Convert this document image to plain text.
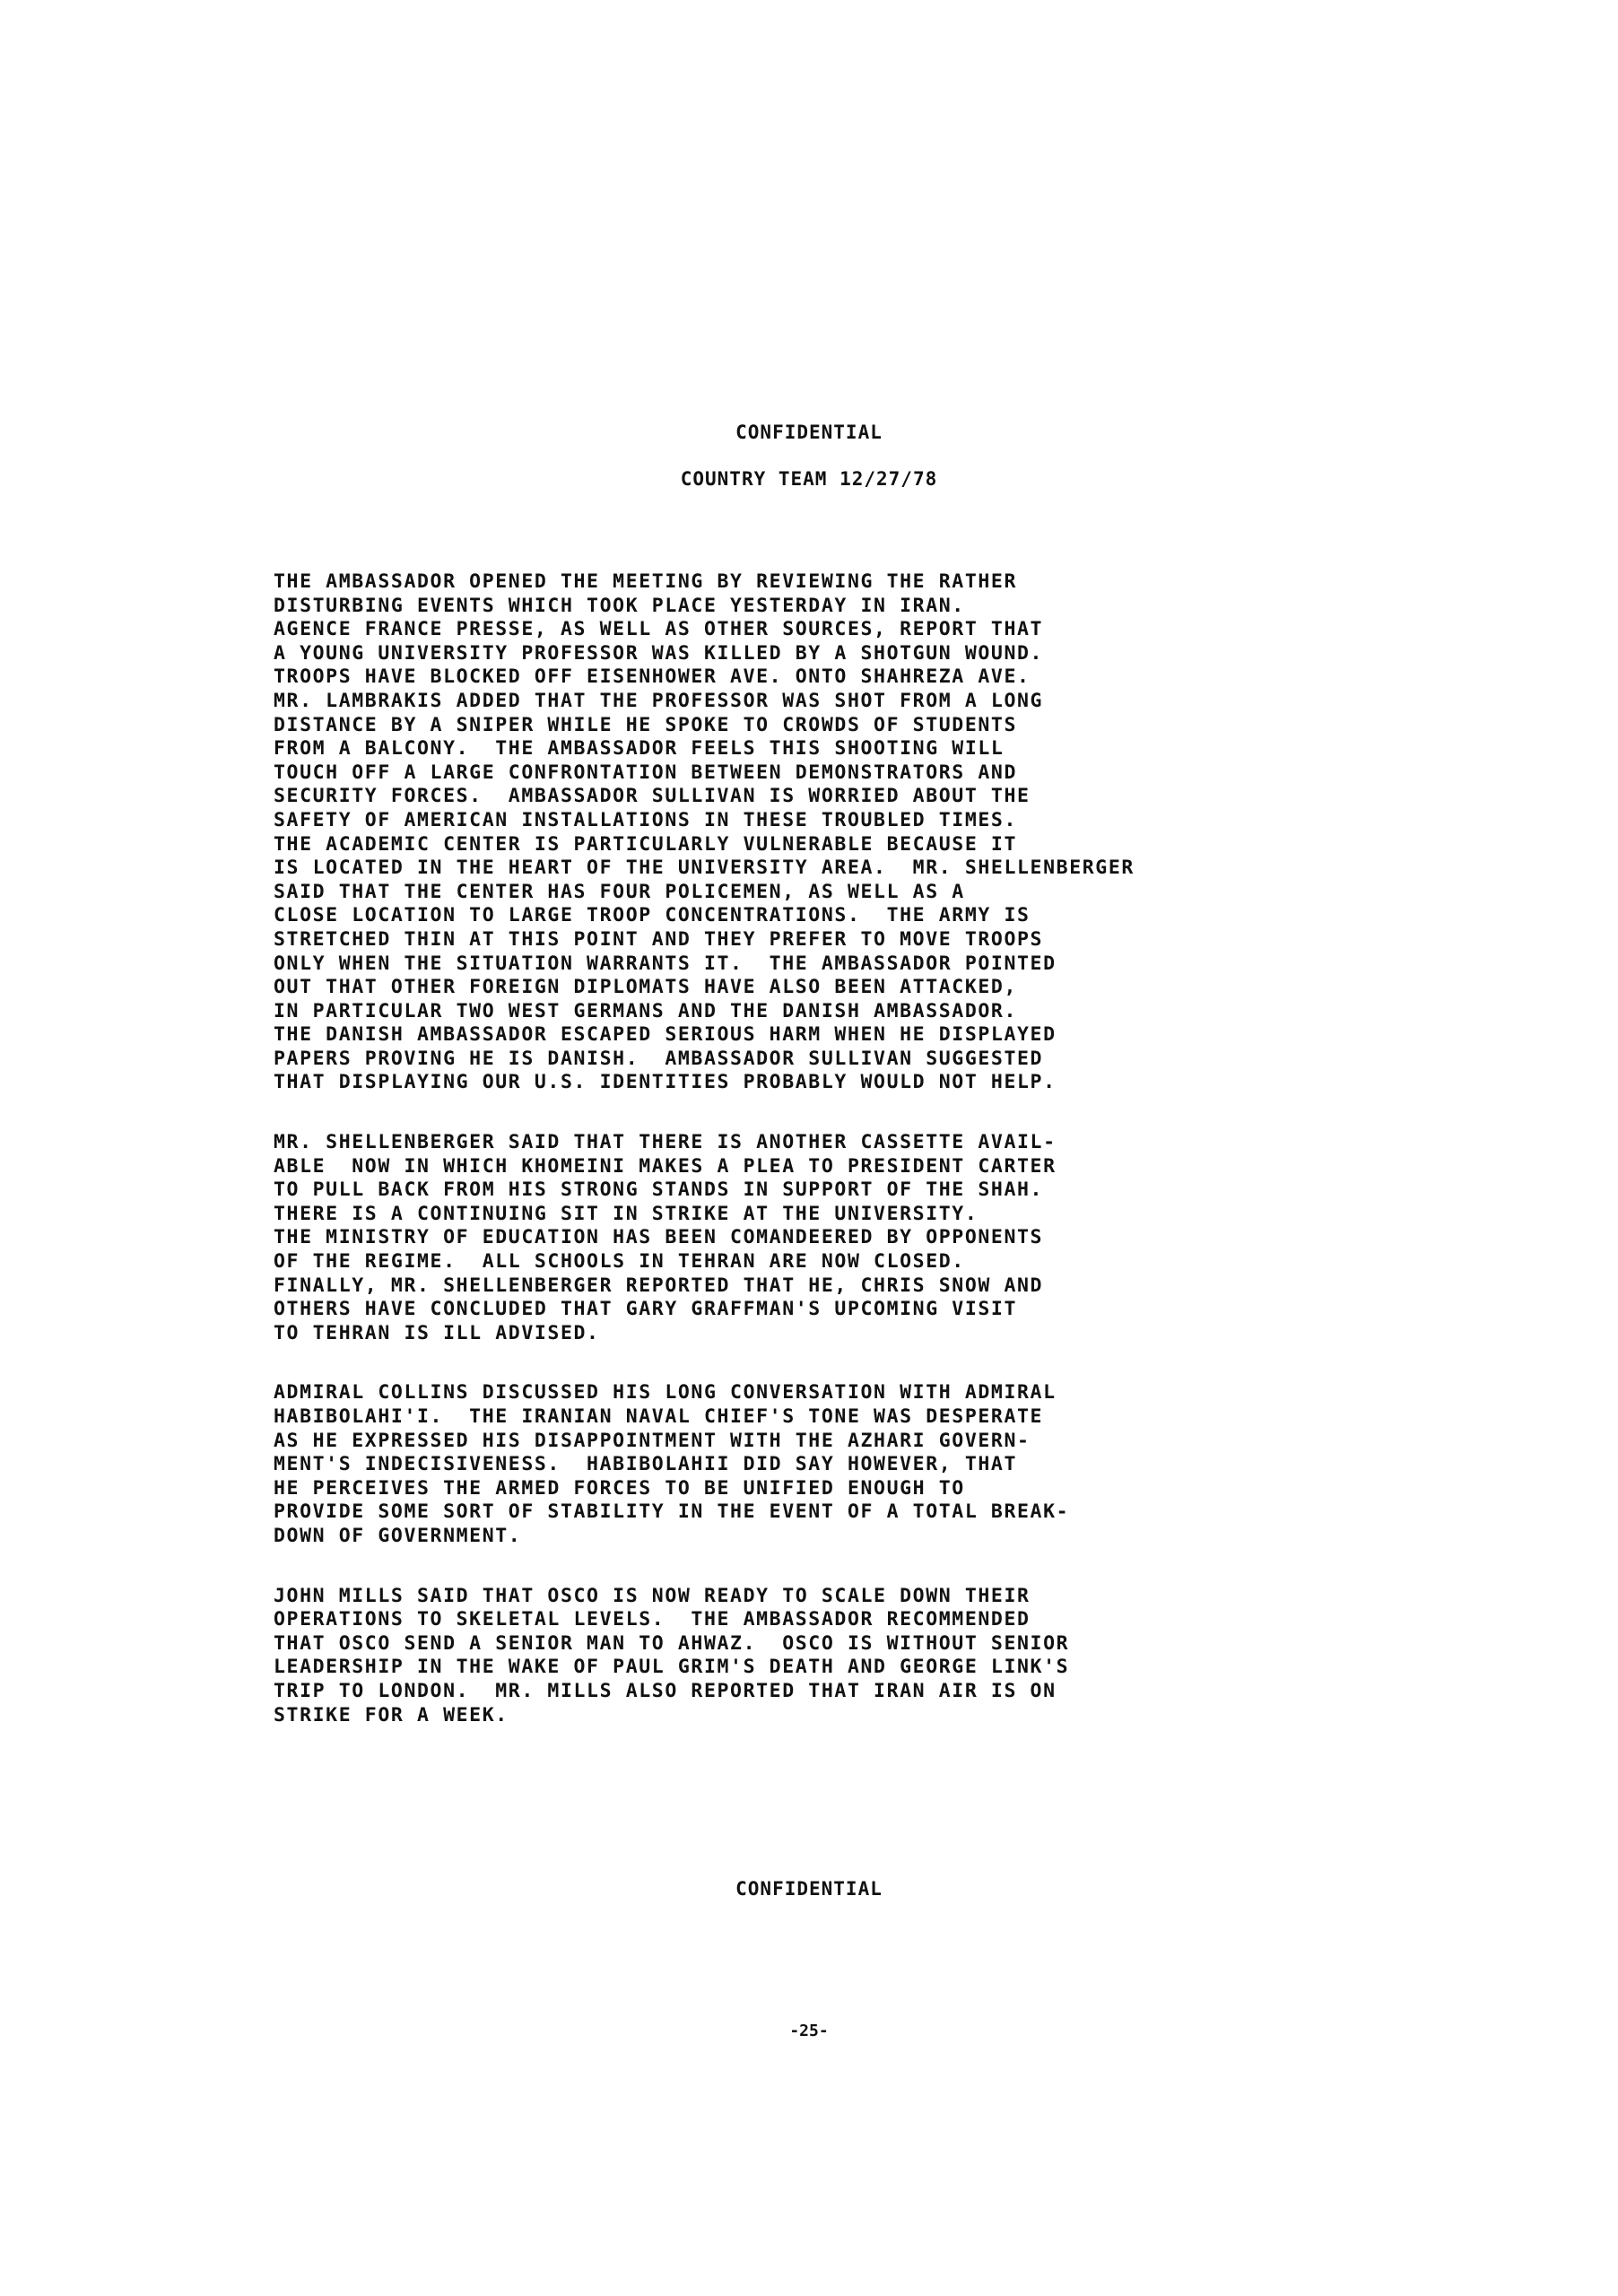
CONFIDENTIAL
COUNTRY TEAM 12/27/78
THE AMBASSADOR OPENED THE MEETING BY REVIEWING THE RATHER
DISTURBING EVENTS WHICH TOOK PLACE YESTERDAY IN IRAN.
AGENCE FRANCE PRESSE, AS WELL AS OTHER SOURCES, REPORT THAT
A YOUNG UNIVERSITY PROFESSOR WAS KILLED BY A SHOTGUN WOUND.
TROOPS HAVE BLOCKED OFF EISENHOWER AVE. ONTO SHAHREZA AVE.
MR. LAMBRAKIS ADDED THAT THE PROFESSOR WAS SHOT FROM A LONG
DISTANCE BY A SNIPER WHILE HE SPOKE TO CROWDS OF STUDENTS
FROM A BALCONY.  THE AMBASSADOR FEELS THIS SHOOTING WILL
TOUCH OFF A LARGE CONFRONTATION BETWEEN DEMONSTRATORS AND
SECURITY FORCES.  AMBASSADOR SULLIVAN IS WORRIED ABOUT THE
SAFETY OF AMERICAN INSTALLATIONS IN THESE TROUBLED TIMES.
THE ACADEMIC CENTER IS PARTICULARLY VULNERABLE BECAUSE IT
IS LOCATED IN THE HEART OF THE UNIVERSITY AREA.  MR. SHELLENBERGER
SAID THAT THE CENTER HAS FOUR POLICEMEN, AS WELL AS A
CLOSE LOCATION TO LARGE TROOP CONCENTRATIONS.  THE ARMY IS
STRETCHED THIN AT THIS POINT AND THEY PREFER TO MOVE TROOPS
ONLY WHEN THE SITUATION WARRANTS IT.  THE AMBASSADOR POINTED
OUT THAT OTHER FOREIGN DIPLOMATS HAVE ALSO BEEN ATTACKED,
IN PARTICULAR TWO WEST GERMANS AND THE DANISH AMBASSADOR.
THE DANISH AMBASSADOR ESCAPED SERIOUS HARM WHEN HE DISPLAYED
PAPERS PROVING HE IS DANISH.  AMBASSADOR SULLIVAN SUGGESTED
THAT DISPLAYING OUR U.S. IDENTITIES PROBABLY WOULD NOT HELP.
MR. SHELLENBERGER SAID THAT THERE IS ANOTHER CASSETTE AVAIL-
ABLE  NOW IN WHICH KHOMEINI MAKES A PLEA TO PRESIDENT CARTER
TO PULL BACK FROM HIS STRONG STANDS IN SUPPORT OF THE SHAH.
THERE IS A CONTINUING SIT IN STRIKE AT THE UNIVERSITY.
THE MINISTRY OF EDUCATION HAS BEEN COMANDEERED BY OPPONENTS
OF THE REGIME.  ALL SCHOOLS IN TEHRAN ARE NOW CLOSED.
FINALLY, MR. SHELLENBERGER REPORTED THAT HE, CHRIS SNOW AND
OTHERS HAVE CONCLUDED THAT GARY GRAFFMAN'S UPCOMING VISIT
TO TEHRAN IS ILL ADVISED.
ADMIRAL COLLINS DISCUSSED HIS LONG CONVERSATION WITH ADMIRAL
HABIBOLAHI'I.  THE IRANIAN NAVAL CHIEF'S TONE WAS DESPERATE
AS HE EXPRESSED HIS DISAPPOINTMENT WITH THE AZHARI GOVERN-
MENT'S INDECISIVENESS.  HABIBOLAHII DID SAY HOWEVER, THAT
HE PERCEIVES THE ARMED FORCES TO BE UNIFIED ENOUGH TO
PROVIDE SOME SORT OF STABILITY IN THE EVENT OF A TOTAL BREAK-
DOWN OF GOVERNMENT.
JOHN MILLS SAID THAT OSCO IS NOW READY TO SCALE DOWN THEIR
OPERATIONS TO SKELETAL LEVELS.  THE AMBASSADOR RECOMMENDED
THAT OSCO SEND A SENIOR MAN TO AHWAZ.  OSCO IS WITHOUT SENIOR
LEADERSHIP IN THE WAKE OF PAUL GRIM'S DEATH AND GEORGE LINK'S
TRIP TO LONDON.  MR. MILLS ALSO REPORTED THAT IRAN AIR IS ON
STRIKE FOR A WEEK.
CONFIDENTIAL
-25-
